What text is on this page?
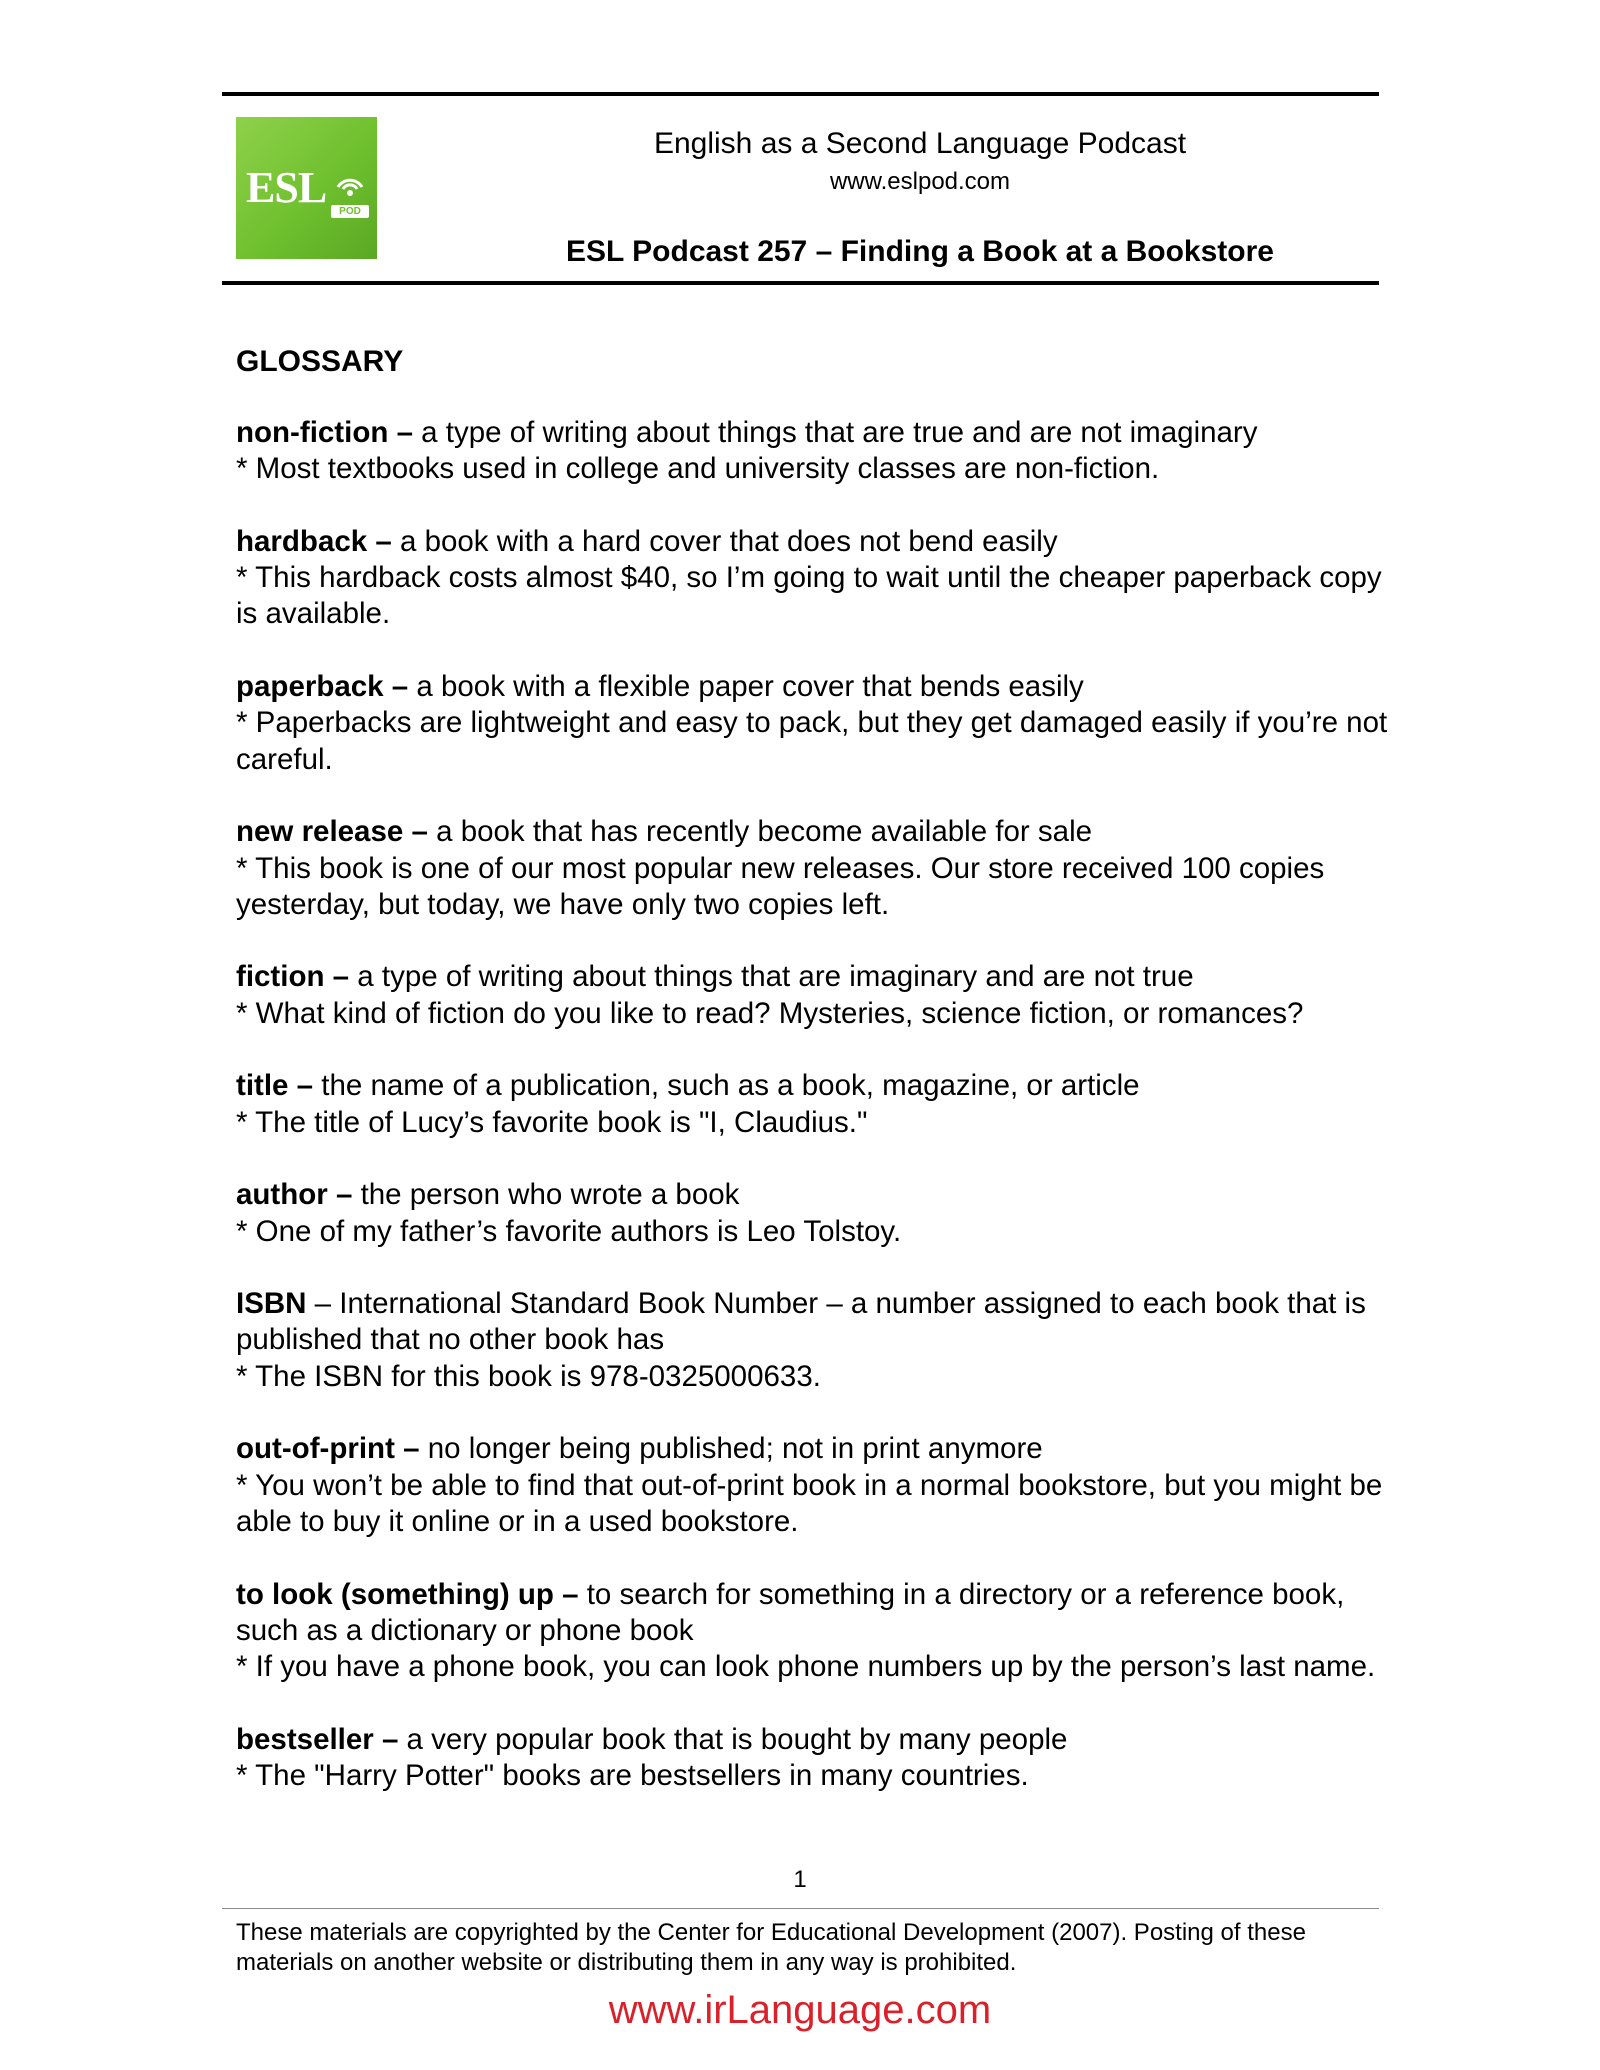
ESL	POD
English as a Second Language Podcast
www.eslpod.com
ESL Podcast 257 – Finding a Book at a Bookstore
GLOSSARY

non-fiction – a type of writing about things that are true and are not imaginary

* Most textbooks used in college and university classes are non-fiction.

hardback – a book with a hard cover that does not bend easily

* This hardback costs almost $40, so I’m going to wait until the cheaper paperback copy is available.

paperback – a book with a flexible paper cover that bends easily

* Paperbacks are lightweight and easy to pack, but they get damaged easily if you’re not careful.

new release – a book that has recently become available for sale

* This book is one of our most popular new releases. Our store received 100 copies yesterday, but today, we have only two copies left.

fiction – a type of writing about things that are imaginary and are not true

* What kind of fiction do you like to read? Mysteries, science fiction, or romances?

title – the name of a publication, such as a book, magazine, or article

* The title of Lucy’s favorite book is "I, Claudius."

author – the person who wrote a book

* One of my father’s favorite authors is Leo Tolstoy.

ISBN – International Standard Book Number – a number assigned to each book that is published that no other book has

* The ISBN for this book is 978-0325000633.

out-of-print – no longer being published; not in print anymore

* You won’t be able to find that out-of-print book in a normal bookstore, but you might be able to buy it online or in a used bookstore.

to look (something) up – to search for something in a directory or a reference book, such as a dictionary or phone book

* If you have a phone book, you can look phone numbers up by the person’s last name.

bestseller – a very popular book that is bought by many people

* The "Harry Potter" books are bestsellers in many countries.

1

These materials are copyrighted by the Center for Educational Development (2007). Posting of these materials on another website or distributing them in any way is prohibited.

www.irLanguage.com
